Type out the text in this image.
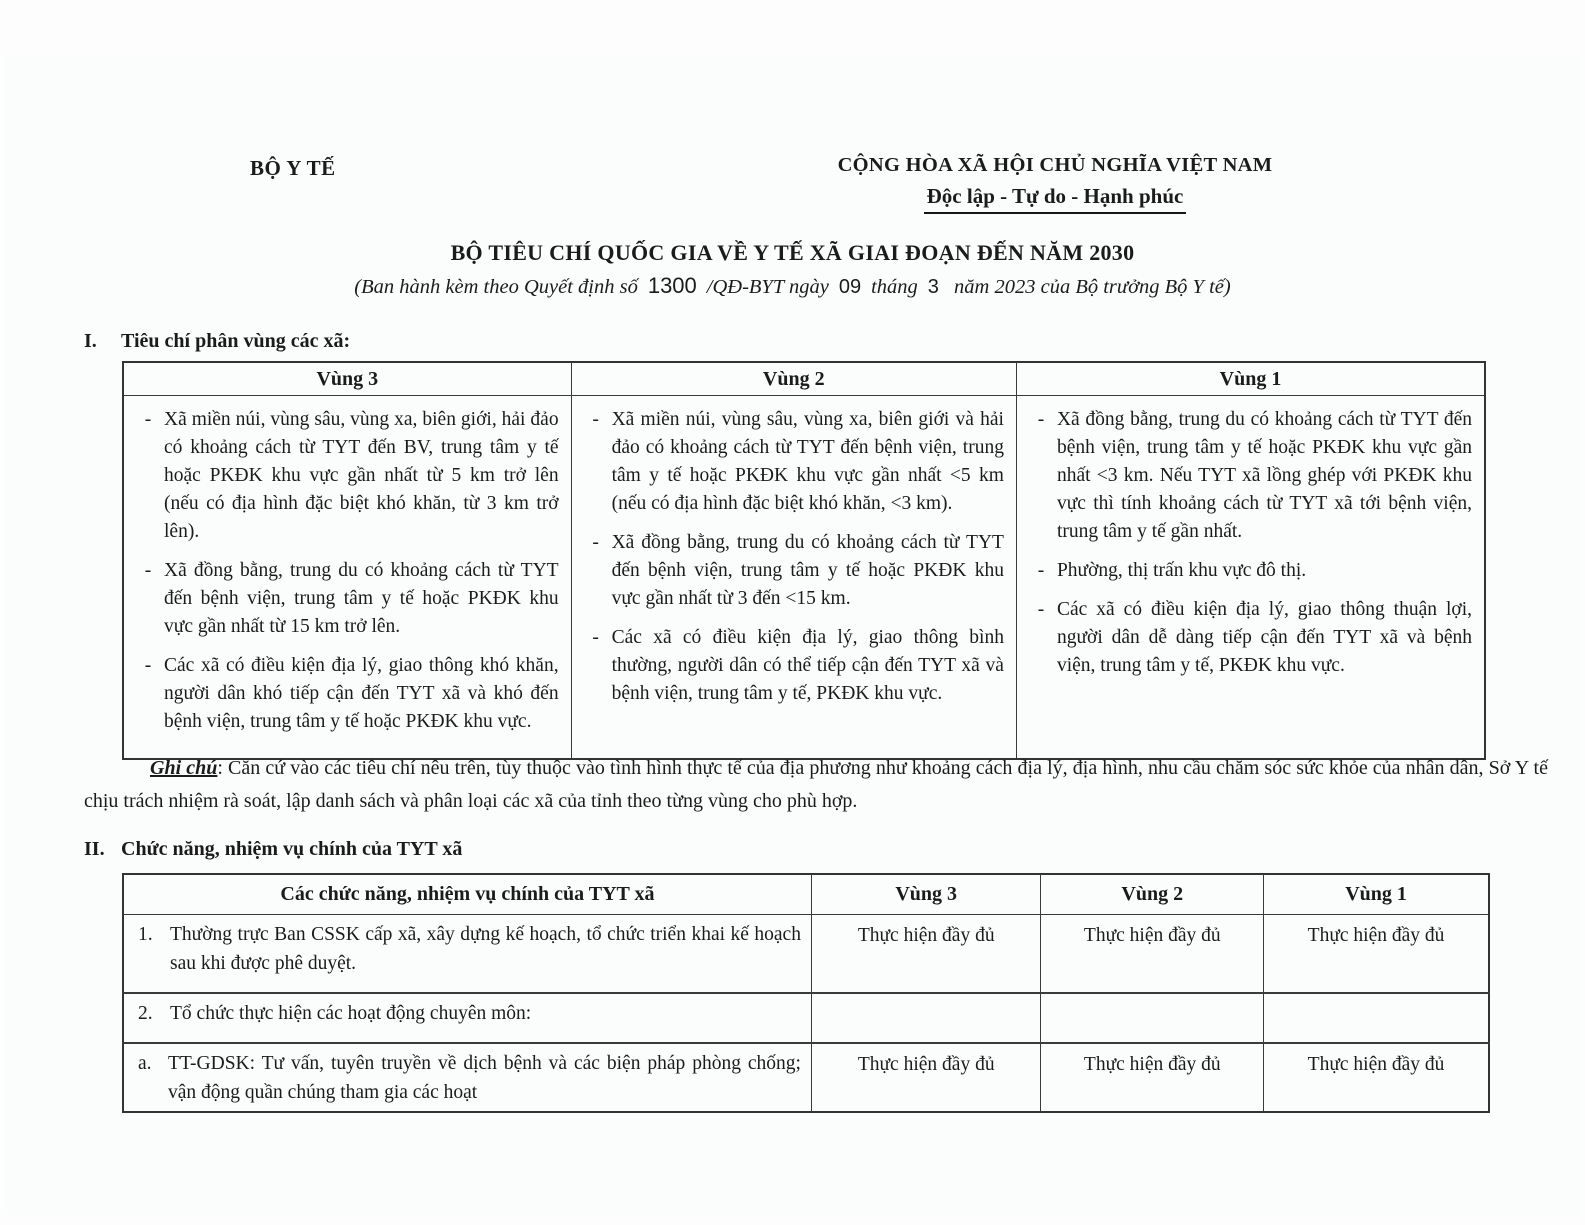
BỘ Y TẾ	CỘNG HÒA XÃ HỘI CHỦ NGHĨA VIỆT NAM
Độc lập - Tự do - Hạnh phúc
BỘ TIÊU CHÍ QUỐC GIA VỀ Y TẾ XÃ GIAI ĐOẠN ĐẾN NĂM 2030
(Ban hành kèm theo Quyết định số 1300 /QĐ-BYT ngày 09 tháng 3 năm 2023 của Bộ trưởng Bộ Y tế)
I.	Tiêu chí phân vùng các xã:
Vùng 3	Vùng 2	Vùng 1

- Xã miền núi, vùng sâu, vùng xa, biên giới, hải đảo có khoảng cách từ TYT đến BV, trung tâm y tế hoặc PKĐK khu vực gần nhất từ 5 km trở lên (nếu có địa hình đặc biệt khó khăn, từ 3 km trở lên).
- Xã đồng bằng, trung du có khoảng cách từ TYT đến bệnh viện, trung tâm y tế hoặc PKĐK khu vực gần nhất từ 15 km trở lên.
- Các xã có điều kiện địa lý, giao thông khó khăn, người dân khó tiếp cận đến TYT xã và khó đến bệnh viện, trung tâm y tế hoặc PKĐK khu vực.

- Xã miền núi, vùng sâu, vùng xa, biên giới và hải đảo có khoảng cách từ TYT đến bệnh viện, trung tâm y tế hoặc PKĐK khu vực gần nhất <5 km (nếu có địa hình đặc biệt khó khăn, <3 km).
- Xã đồng bằng, trung du có khoảng cách từ TYT đến bệnh viện, trung tâm y tế hoặc PKĐK khu vực gần nhất từ 3 đến <15 km.
- Các xã có điều kiện địa lý, giao thông bình thường, người dân có thể tiếp cận đến TYT xã và bệnh viện, trung tâm y tế, PKĐK khu vực.

- Xã đồng bằng, trung du có khoảng cách từ TYT đến bệnh viện, trung tâm y tế hoặc PKĐK khu vực gần nhất <3 km. Nếu TYT xã lồng ghép với PKĐK khu vực thì tính khoảng cách từ TYT xã tới bệnh viện, trung tâm y tế gần nhất.
- Phường, thị trấn khu vực đô thị.
- Các xã có điều kiện địa lý, giao thông thuận lợi, người dân dễ dàng tiếp cận đến TYT xã và bệnh viện, trung tâm y tế, PKĐK khu vực.
Ghi chú: Căn cứ vào các tiêu chí nêu trên, tùy thuộc vào tình hình thực tế của địa phương như khoảng cách địa lý, địa hình, nhu cầu chăm sóc sức khỏe của nhân dân, Sở Y tế chịu trách nhiệm rà soát, lập danh sách và phân loại các xã của tỉnh theo từng vùng cho phù hợp.
II. Chức năng, nhiệm vụ chính của TYT xã
Các chức năng, nhiệm vụ chính của TYT xã	Vùng 3	Vùng 2	Vùng 1

1. Thường trực Ban CSSK cấp xã, xây dựng kế hoạch, tổ chức triển khai kế hoạch sau khi được phê duyệt.	Thực hiện đầy đủ	Thực hiện đầy đủ	Thực hiện đầy đủ

2. Tổ chức thực hiện các hoạt động chuyên môn:			

a. TT-GDSK: Tư vấn, tuyên truyền về dịch bệnh và các biện pháp phòng chống; vận động quần chúng tham gia các hoạt	Thực hiện đầy đủ	Thực hiện đầy đủ	Thực hiện đầy đủ
